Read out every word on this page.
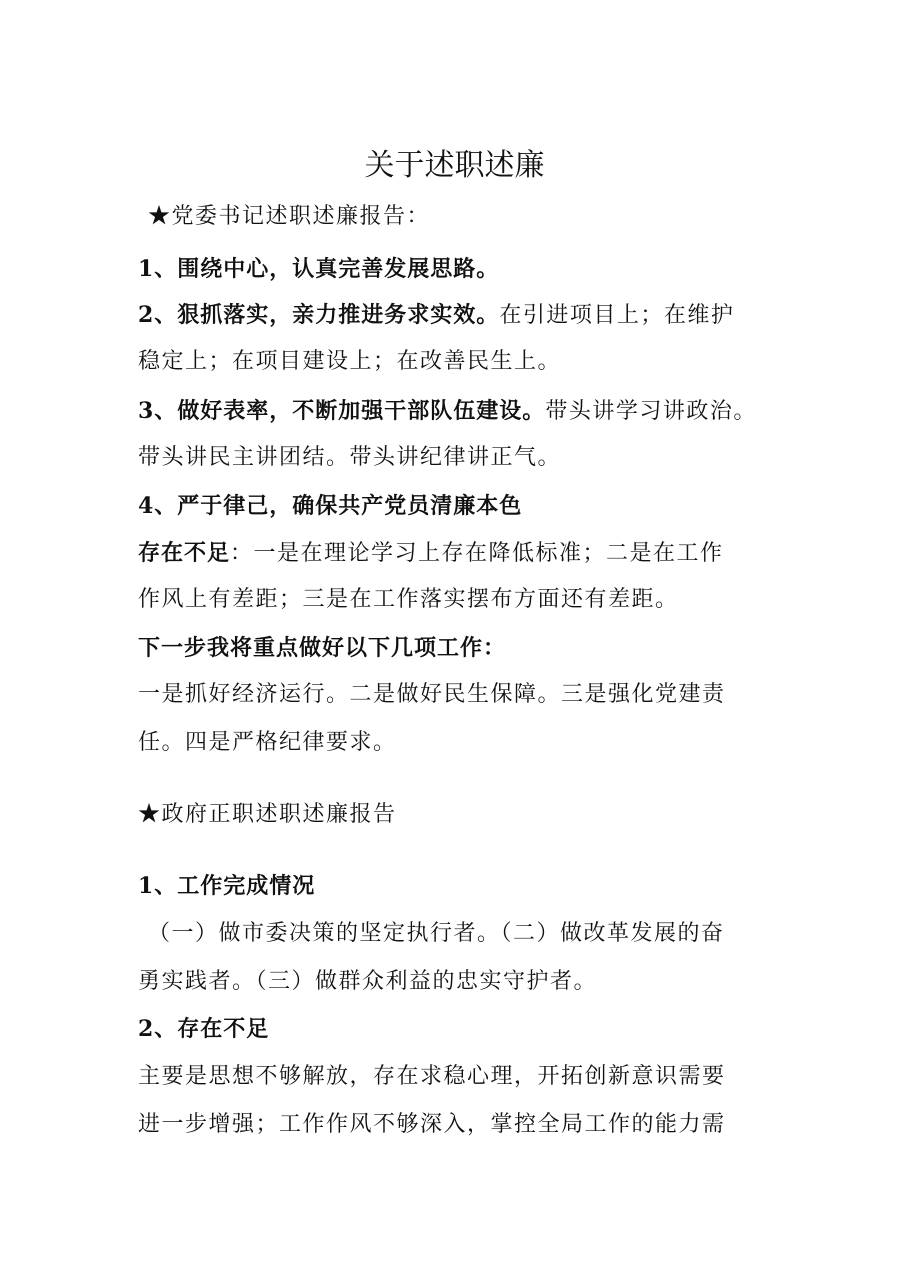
关于述职述廉

★党委书记述职述廉报告：

1、围绕中心，认真完善发展思路。

2、狠抓落实，亲力推进务求实效。在引进项目上；在维护

稳定上；在项目建设上；在改善民生上。

3、做好表率，不断加强干部队伍建设。带头讲学习讲政治。

带头讲民主讲团结。带头讲纪律讲正气。

4、严于律己，确保共产党员清廉本色

存在不足：一是在理论学习上存在降低标准；二是在工作

作风上有差距；三是在工作落实摆布方面还有差距。

下一步我将重点做好以下几项工作：

一是抓好经济运行。二是做好民生保障。三是强化党建责

任。四是严格纪律要求。

★政府正职述职述廉报告

1、工作完成情况

（一）做市委决策的坚定执行者。（二）做改革发展的奋

勇实践者。（三）做群众利益的忠实守护者。

2、存在不足

主要是思想不够解放，存在求稳心理，开拓创新意识需要

进一步增强；工作作风不够深入，掌控全局工作的能力需
